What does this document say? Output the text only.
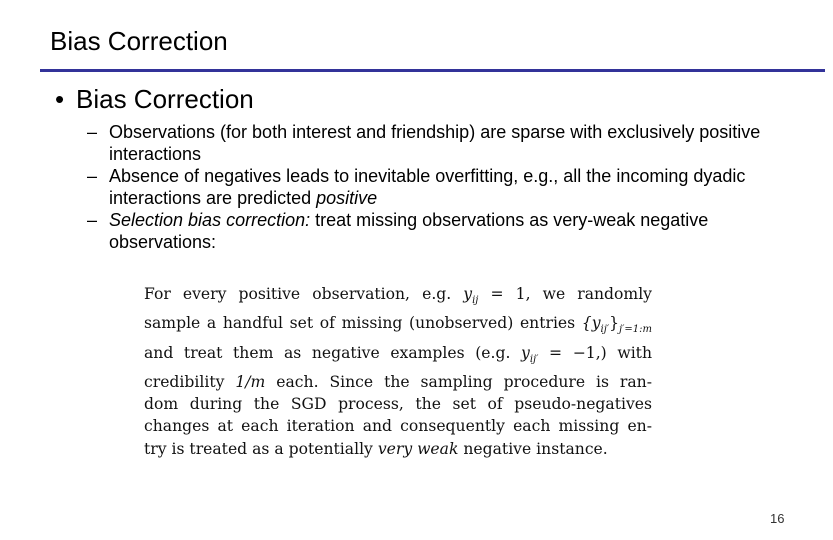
Bias Correction
• Bias Correction
– Observations (for both interest and friendship) are sparse with exclusively positive interactions
– Absence of negatives leads to inevitable overfitting, e.g., all the incoming dyadic interactions are predicted positive
– Selection bias correction: treat missing observations as very-weak negative observations:
For every positive observation, e.g. $y_{ij} = 1$, we randomly
sample a handful set of missing (unobserved) entries $\{y_{ij'}\}_{j'=1:m}$
and treat them as negative examples (e.g. $y_{ij'} = -1$,) with
credibility 1/m each. Since the sampling procedure is ran-
dom during the SGD process, the set of pseudo-negatives
changes at each iteration and consequently each missing en-
try is treated as a potentially very weak negative instance.
16
